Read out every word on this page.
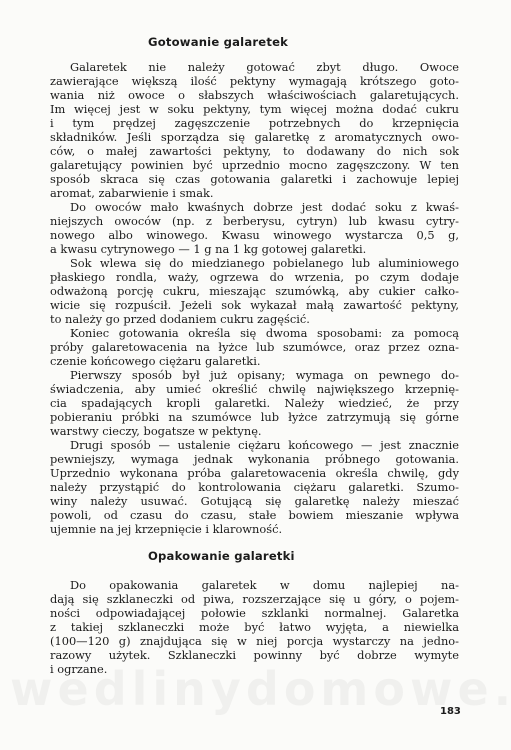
Gotowanie galaretek
Galaretek nie należy gotować zbyt długo. Owoce
zawierające większą ilość pektyny wymagają krótszego goto-
wania niż owoce o słabszych właściwościach galaretujących.
Im więcej jest w soku pektyny, tym więcej można dodać cukru
i tym prędzej zagęszczenie potrzebnych do krzepnięcia
składników. Jeśli sporządza się galaretkę z aromatycznych owo-
ców, o małej zawartości pektyny, to dodawany do nich sok
galaretujący powinien być uprzednio mocno zagęszczony. W ten
sposób skraca się czas gotowania galaretki i zachowuje lepiej
aromat, zabarwienie i smak.
Do owoców mało kwaśnych dobrze jest dodać soku z kwaś-
niejszych owoców (np. z berberysu, cytryn) lub kwasu cytry-
nowego albo winowego. Kwasu winowego wystarcza 0,5 g,
a kwasu cytrynowego — 1 g na 1 kg gotowej galaretki.
Sok wlewa się do miedzianego pobielanego lub aluminiowego
płaskiego rondla, waży, ogrzewa do wrzenia, po czym dodaje
odważoną porcję cukru, mieszając szumówką, aby cukier całko-
wicie się rozpuścił. Jeżeli sok wykazał małą zawartość pektyny,
to należy go przed dodaniem cukru zagęścić.
Koniec gotowania określa się dwoma sposobami: za pomocą
próby galaretowacenia na łyżce lub szumówce, oraz przez ozna-
czenie końcowego ciężaru galaretki.
Pierwszy sposób był już opisany; wymaga on pewnego do-
świadczenia, aby umieć określić chwilę największego krzepnię-
cia spadających kropli galaretki. Należy wiedzieć, że przy
pobieraniu próbki na szumówce lub łyżce zatrzymują się górne
warstwy cieczy, bogatsze w pektynę.
Drugi sposób — ustalenie ciężaru końcowego — jest znacznie
pewniejszy, wymaga jednak wykonania próbnego gotowania.
Uprzednio wykonana próba galaretowacenia określa chwilę, gdy
należy przystąpić do kontrolowania ciężaru galaretki. Szumo-
winy należy usuwać. Gotującą się galaretkę należy mieszać
powoli, od czasu do czasu, stałe bowiem mieszanie wpływa
ujemnie na jej krzepnięcie i klarowność.
Opakowanie galaretki
Do opakowania galaretek w domu najlepiej na-
dają się szklaneczki od piwa, rozszerzające się u góry, o pojem-
ności odpowiadającej połowie szklanki normalnej. Galaretka
z takiej szklaneczki może być łatwo wyjęta, a niewielka
(100—120 g) znajdująca się w niej porcja wystarczy na jedno-
razowy użytek. Szklaneczki powinny być dobrze wymyte
i ogrzane.
183
